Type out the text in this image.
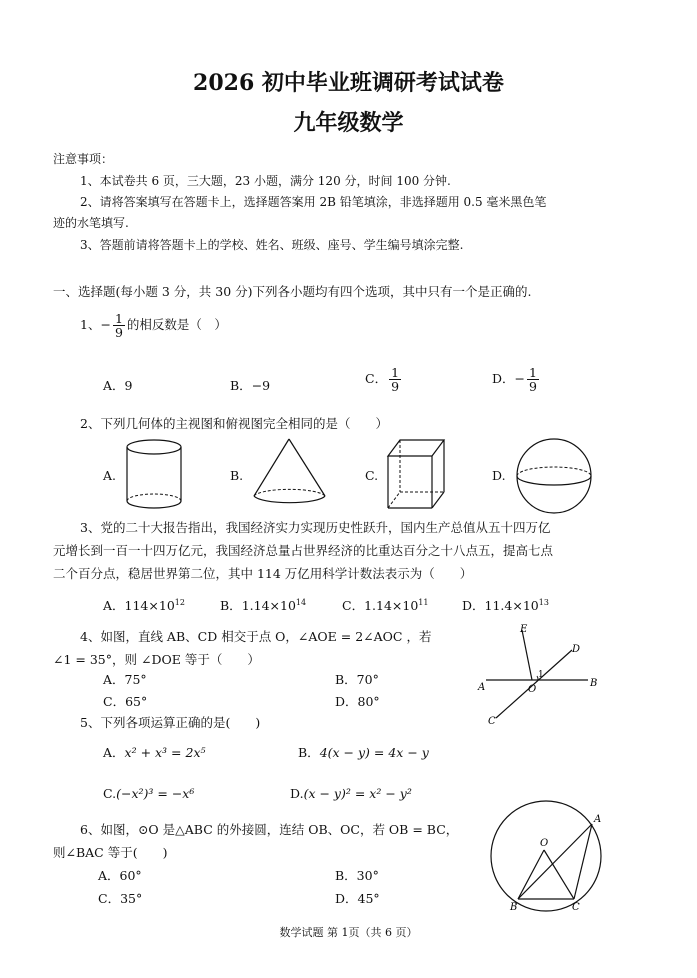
2026 初中毕业班调研考试试卷
九年级数学
注意事项：
1、本试卷共 6 页，三大题，23 小题，满分 120 分，时间 100 分钟.
2、请将答案填写在答题卡上，选择题答案用 2B 铅笔填涂，非选择题用 0.5 毫米黑色笔
迹的水笔填写.
3、答题前请将答题卡上的学校、姓名、班级、座号、学生编号填涂完整.
一、选择题(每小题 3 分，共 30 分)下列各小题均有四个选项，其中只有一个是正确的.
1、− $\frac{1}{9}$ 的相反数是（　）
A．9	B．−9	C． $\frac{1}{9}$	D．− $\frac{1}{9}$
2、下列几何体的主视图和俯视图完全相同的是（　　）
A.	B.	C.	D.
3、党的二十大报告指出，我国经济实力实现历史性跃升，国内生产总值从五十四万亿
元增长到一百一十四万亿元，我国经济总量占世界经济的比重达百分之十八点五，提高七点
二个百分点，稳居世界第二位，其中 114 万亿用科学计数法表示为（　　）
A．$114\times 10^{12}$	B．$1.14\times 10^{14}$	C．$1.14\times 10^{11}$	D．$11.4\times 10^{13}$
4、如图，直线 AB、CD 相交于点 O，∠AOE = 2∠AOC ，若
∠1 = 35°，则 ∠DOE 等于（　　）
A．75°	B．70°
C．65°	D．80°
E
D
A	O
B
C
1
5、下列各项运算正确的是(　　)
A．x² + x³ = 2x⁵	B．4(x − y) = 4x − y
C.(−x²)³ = −x⁶	D.(x − y)² = x² − y²
6、如图，⊙O 是△ABC 的外接圆，连结 OB、OC，若 OB = BC，
则∠BAC 等于(　　)
A．60°	B．30°
C．35°	D．45°
A
O
B	C
数学试题 第 1页（共 6 页）
